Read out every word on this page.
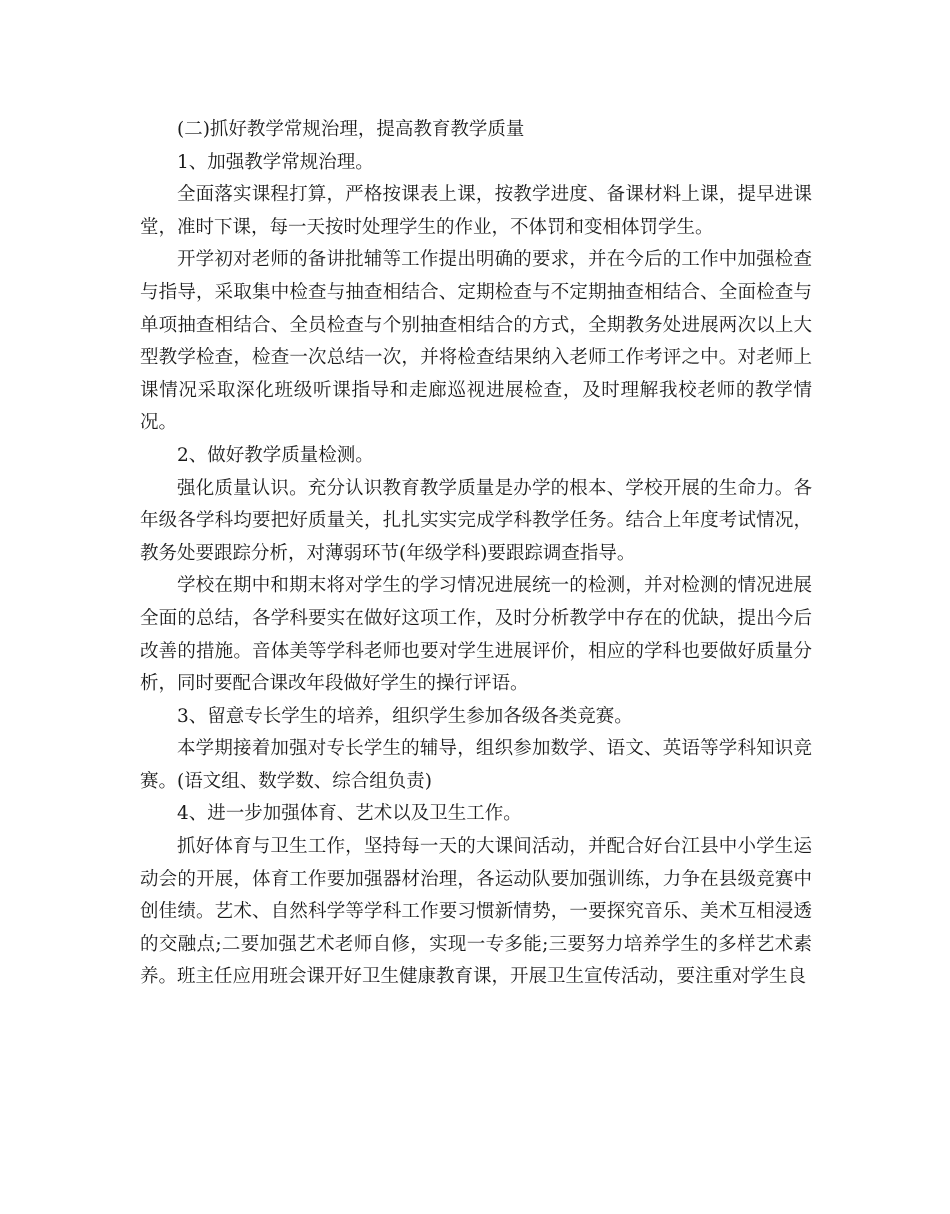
(二)抓好教学常规治理，提高教育教学质量

1、加强教学常规治理。

全面落实课程打算，严格按课表上课，按教学进度、备课材料上课，提早进课堂，准时下课，每一天按时处理学生的作业，不体罚和变相体罚学生。

开学初对老师的备讲批辅等工作提出明确的要求，并在今后的工作中加强检查与指导，采取集中检查与抽查相结合、定期检查与不定期抽查相结合、全面检查与单项抽查相结合、全员检查与个别抽查相结合的方式，全期教务处进展两次以上大型教学检查，检查一次总结一次，并将检查结果纳入老师工作考评之中。对老师上课情况采取深化班级听课指导和走廊巡视进展检查，及时理解我校老师的教学情况。

2、做好教学质量检测。

强化质量认识。充分认识教育教学质量是办学的根本、学校开展的生命力。各年级各学科均要把好质量关，扎扎实实完成学科教学任务。结合上年度考试情况，教务处要跟踪分析，对薄弱环节(年级学科)要跟踪调查指导。

学校在期中和期末将对学生的学习情况进展统一的检测，并对检测的情况进展全面的总结，各学科要实在做好这项工作，及时分析教学中存在的优缺，提出今后改善的措施。音体美等学科老师也要对学生进展评价，相应的学科也要做好质量分析，同时要配合课改年段做好学生的操行评语。

3、留意专长学生的培养，组织学生参加各级各类竞赛。

本学期接着加强对专长学生的辅导，组织参加数学、语文、英语等学科知识竞赛。(语文组、数学数、综合组负责)

4、进一步加强体育、艺术以及卫生工作。

抓好体育与卫生工作，坚持每一天的大课间活动，并配合好台江县中小学生运动会的开展，体育工作要加强器材治理，各运动队要加强训练，力争在县级竞赛中创佳绩。艺术、自然科学等学科工作要习惯新情势，一要探究音乐、美术互相浸透的交融点;二要加强艺术老师自修，实现一专多能;三要努力培养学生的多样艺术素养。班主任应用班会课开好卫生健康教育课，开展卫生宣传活动，要注重对学生良
